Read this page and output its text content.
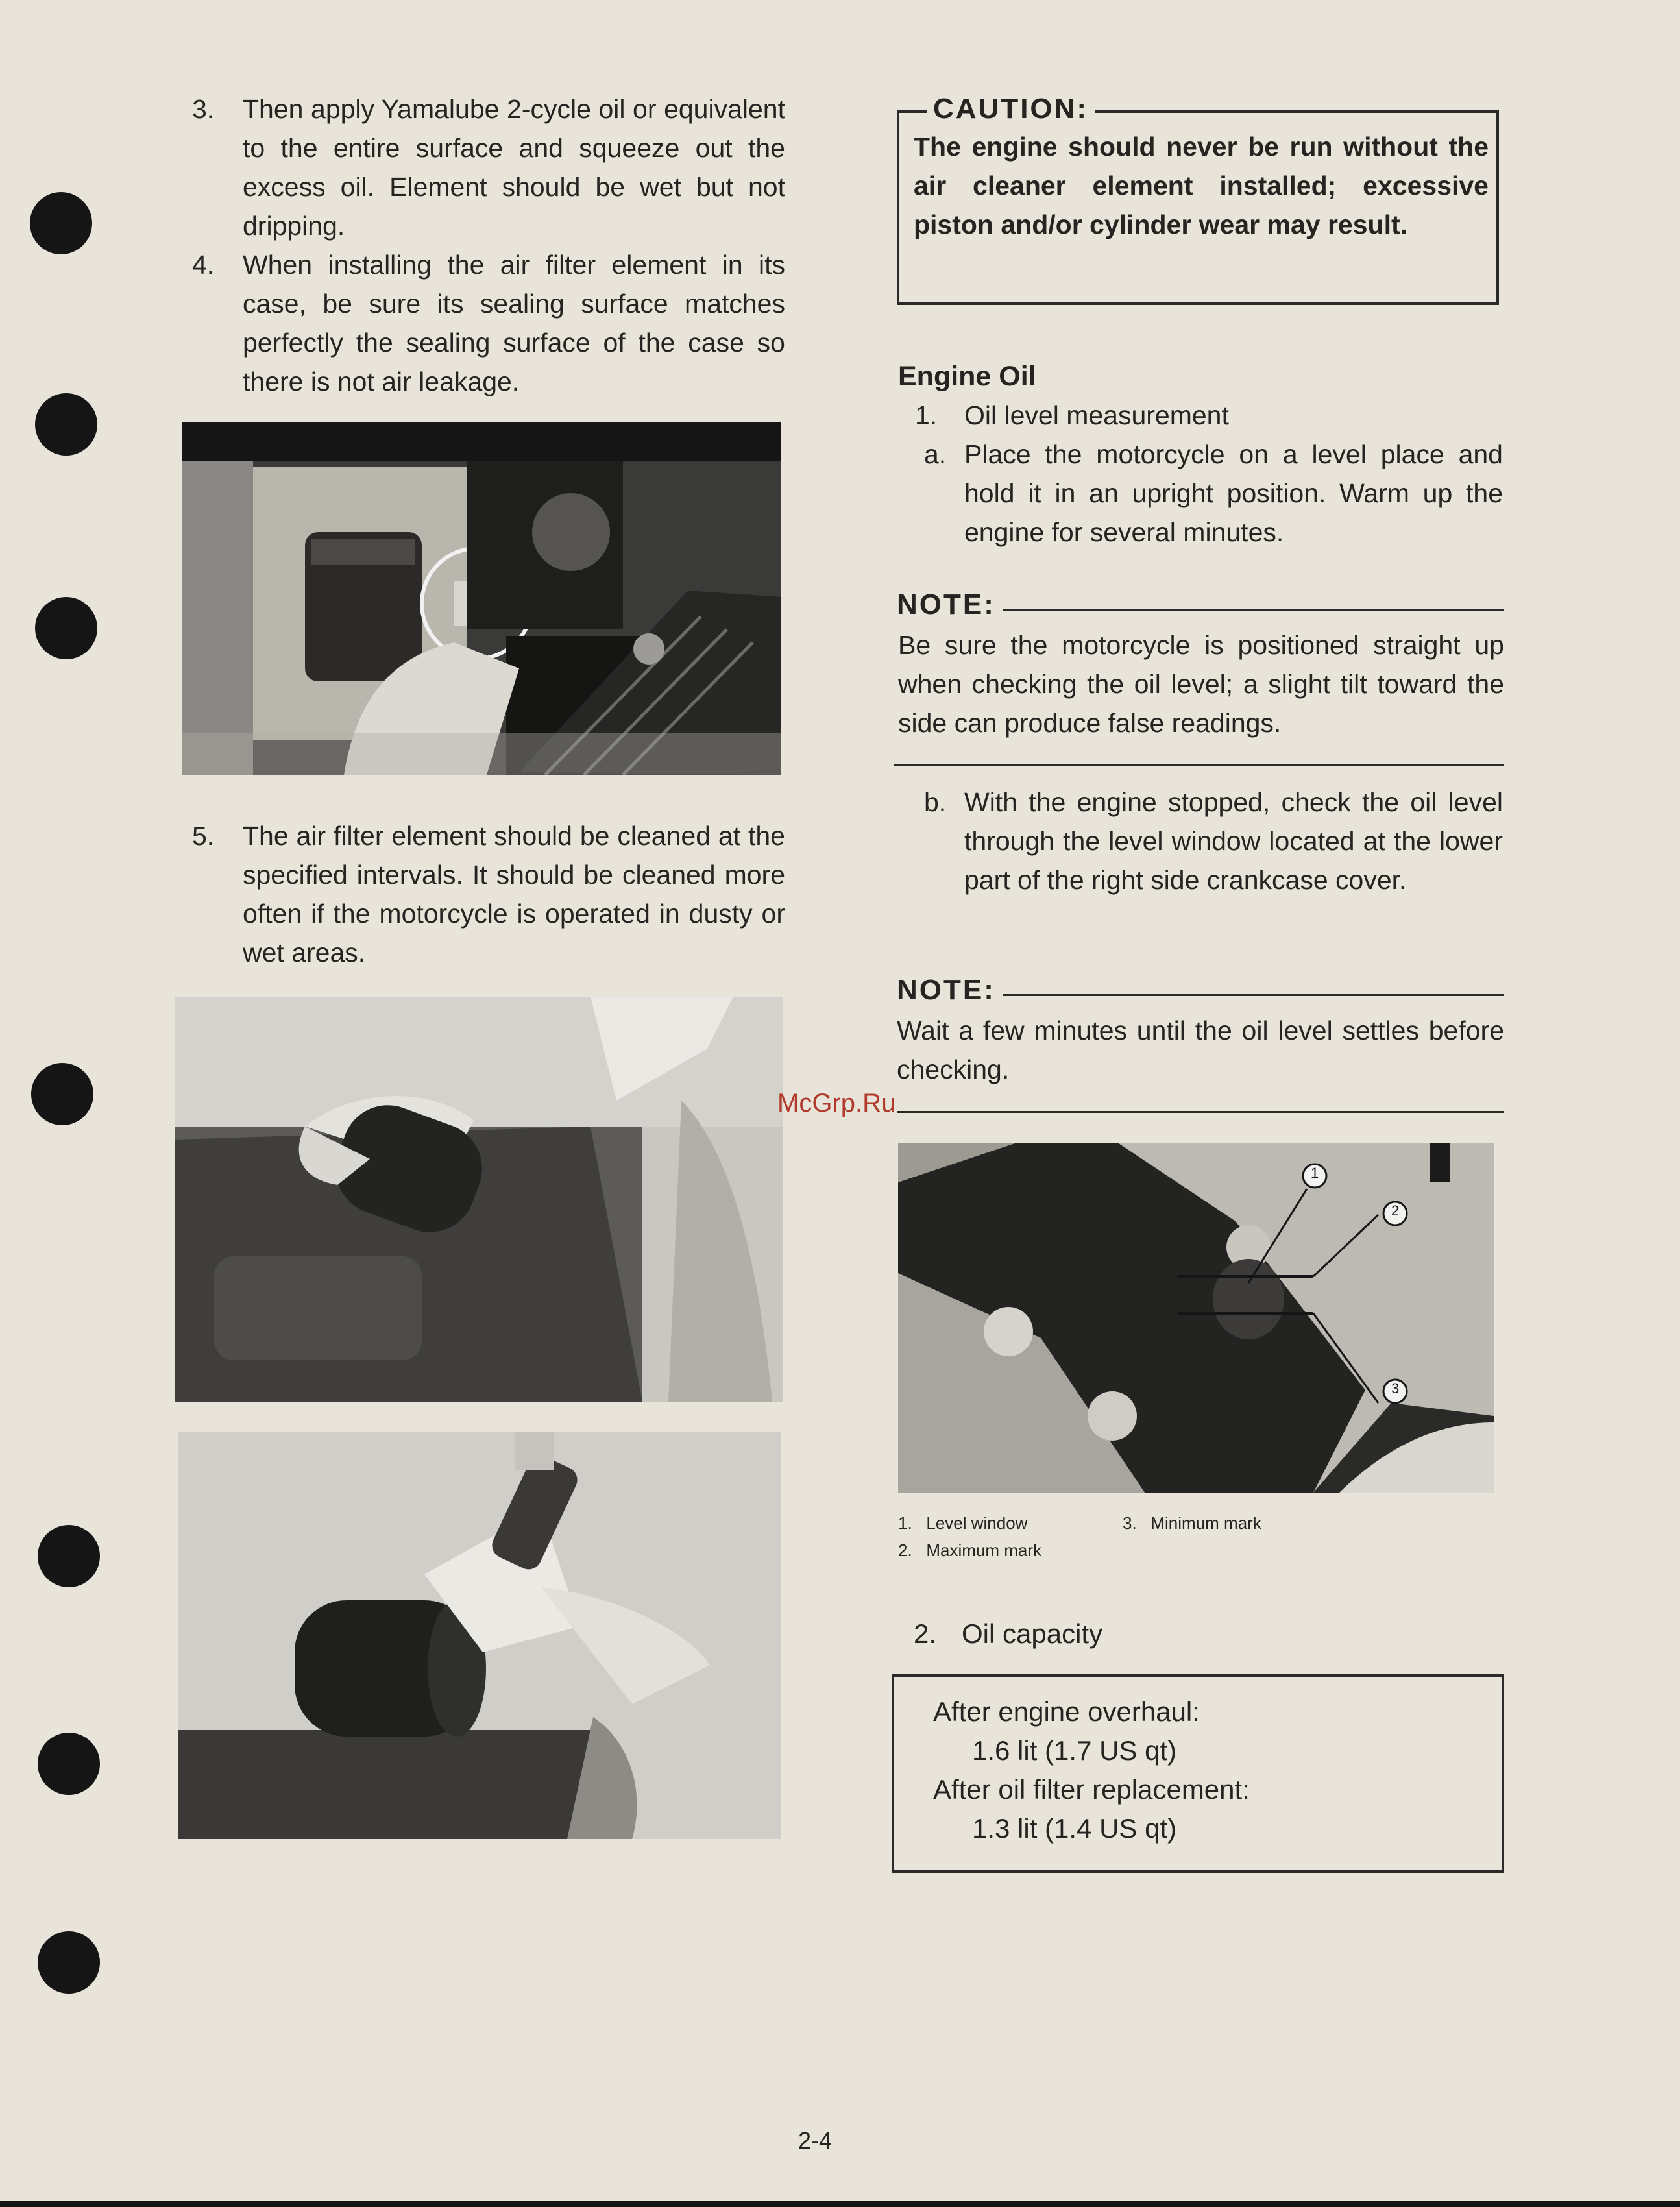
3. Then apply Yamalube 2-cycle oil or equivalent to the entire surface and squeeze out the excess oil. Element should be wet but not dripping.
4. When installing the air filter element in its case, be sure its sealing surface matches perfectly the sealing surface of the case so there is not air leakage.
5. The air filter element should be cleaned at the specified intervals. It should be cleaned more often if the motorcycle is operated in dusty or wet areas.
CAUTION:
The engine should never be run without the air cleaner element installed; excessive piston and/or cylinder wear may result.
Engine Oil
1. Oil level measurement
a. Place the motorcycle on a level place and hold it in an upright position. Warm up the engine for several minutes.
NOTE:
Be sure the motorcycle is positioned straight up when checking the oil level; a slight tilt toward the side can produce false readings.
b. With the engine stopped, check the oil level through the level window located at the lower part of the right side crankcase cover.
NOTE:
Wait a few minutes until the oil level settles before checking.
McGrp.Ru
1
2
3
1. Level window
2. Maximum mark
3. Minimum mark
2. Oil capacity
After engine overhaul:
1.6 lit (1.7 US qt)
After oil filter replacement:
1.3 lit (1.4 US qt)
2-4
